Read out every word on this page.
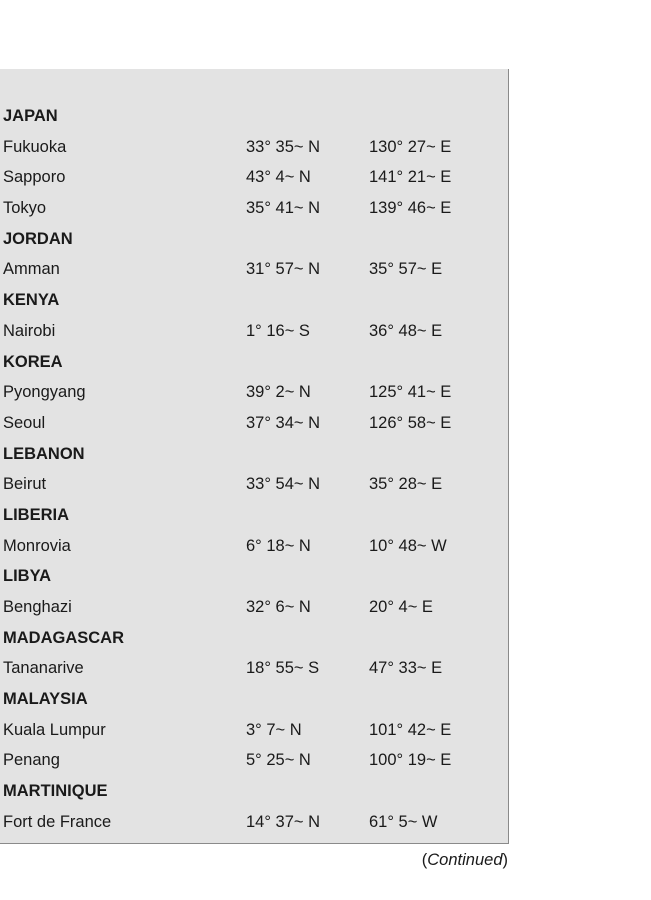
JAPAN
Fukuoka	33° 35~ N	130° 27~ E
Sapporo	43° 4~ N	141° 21~ E
Tokyo	35° 41~ N	139° 46~ E
JORDAN
Amman	31° 57~ N	35° 57~ E
KENYA
Nairobi	1° 16~ S	36° 48~ E
KOREA
Pyongyang	39° 2~ N	125° 41~ E
Seoul	37° 34~ N	126° 58~ E
LEBANON
Beirut	33° 54~ N	35° 28~ E
LIBERIA
Monrovia	6° 18~ N	10° 48~ W
LIBYA
Benghazi	32° 6~ N	20° 4~ E
MADAGASCAR
Tananarive	18° 55~ S	47° 33~ E
MALAYSIA
Kuala Lumpur	3° 7~ N	101° 42~ E
Penang	5° 25~ N	100° 19~ E
MARTINIQUE
Fort de France	14° 37~ N	61° 5~ W
(Continued)
